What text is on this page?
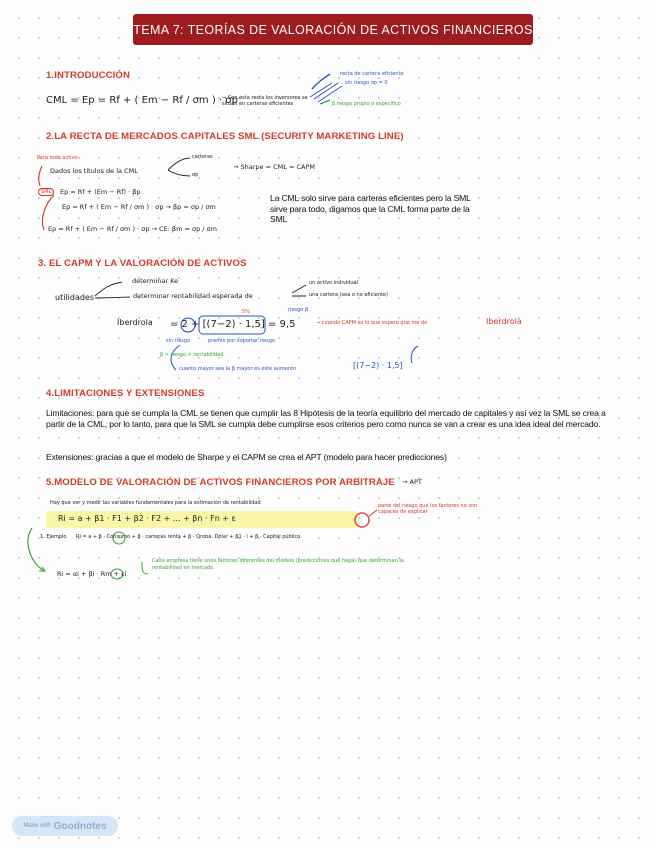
TEMA 7: TEORÍAS DE VALORACIÓN DE ACTIVOS FINANCIEROS
1.INTRODUCCIÓN
CML = Ep = Rf + ( Em − Rf / σm ) · σp
→ Con esta recta los inversores se sitúan en carteras eficientes
recta de cartera eficiente
sin riesgo σp = 0
β riesgo propio o específico
2.LA RECTA DE MERCADOS CAPITALES SML (SECURITY MARKETING LINE)
Para todo activo
Dados los títulos de la CML
carteras
σp
→ Sharpe = CML = CAPM
SML	Ep = Rf + (Em − Rf) · βp
Ep = Rf + ( Em − Rf / σm ) · σp → βp = σp / σm
Ep = Rf + ( Em − Rf / σm ) · σp → CE: βm = σp / σm
La CML solo sirve para carteras eficientes pero la SML sirve para todo, digamos que la CML forma parte de la SML
3. EL CAPM Y LA VALORACIÓN DE ACTIVOS
utilidades
determinar Ke
determinar rentabilidad esperada de
un activo individual
una cartera (sea o no eficiente)
5%	riesgo β
Iberdrola = 2 + [(7−2) · 1,5] = 9,5	→ cuando CAPM es lo que espero que me de	Iberdrola
sin riesgo	premio por soportar riesgo
β > riesgo > rentabilidad
cuanto mayor sea la β mayor es este aumento	[(7−2) · 1,5]
4.LIMITACIONES Y EXTENSIONES
Limitaciones: para que se cumpla la CML se tienen que cumplir las 8 Hipótesis de la teoría equilibrio del mercado de capitales y así vez la SML se crea a partir de la CML, por lo tanto, para que la SML se cumpla debe cumplirse esos criterios pero como nunca se van a crear es una idea ideal del mercado.
Extensiones: gracias a que el modelo de Sharpe y el CAPM se crea el APT (modelo para hacer predicciones)
5.MODELO DE VALORACIÓN DE ACTIVOS FINANCIEROS POR ARBITRAJE → APT
Hay que ver y medir las variables fundamentales para la estimación de rentabilidad
Ri = a + β1 · F1 + β2 · F2 + ... + βn · Fn + ε
parte del riesgo que los factores no son capaces de explicar
1. Ejemplo Ri = a + β · Consumo + β · carteras renta + β · Oroba, Dólar + β1 · i + β · Capital público
Ri = αi + βi · Rm + εi
Cada empresa tiene unos factores diferentes del modelo (predicciones que haga) que determinan la rentabilidad en mercado
Made with Goodnotes
